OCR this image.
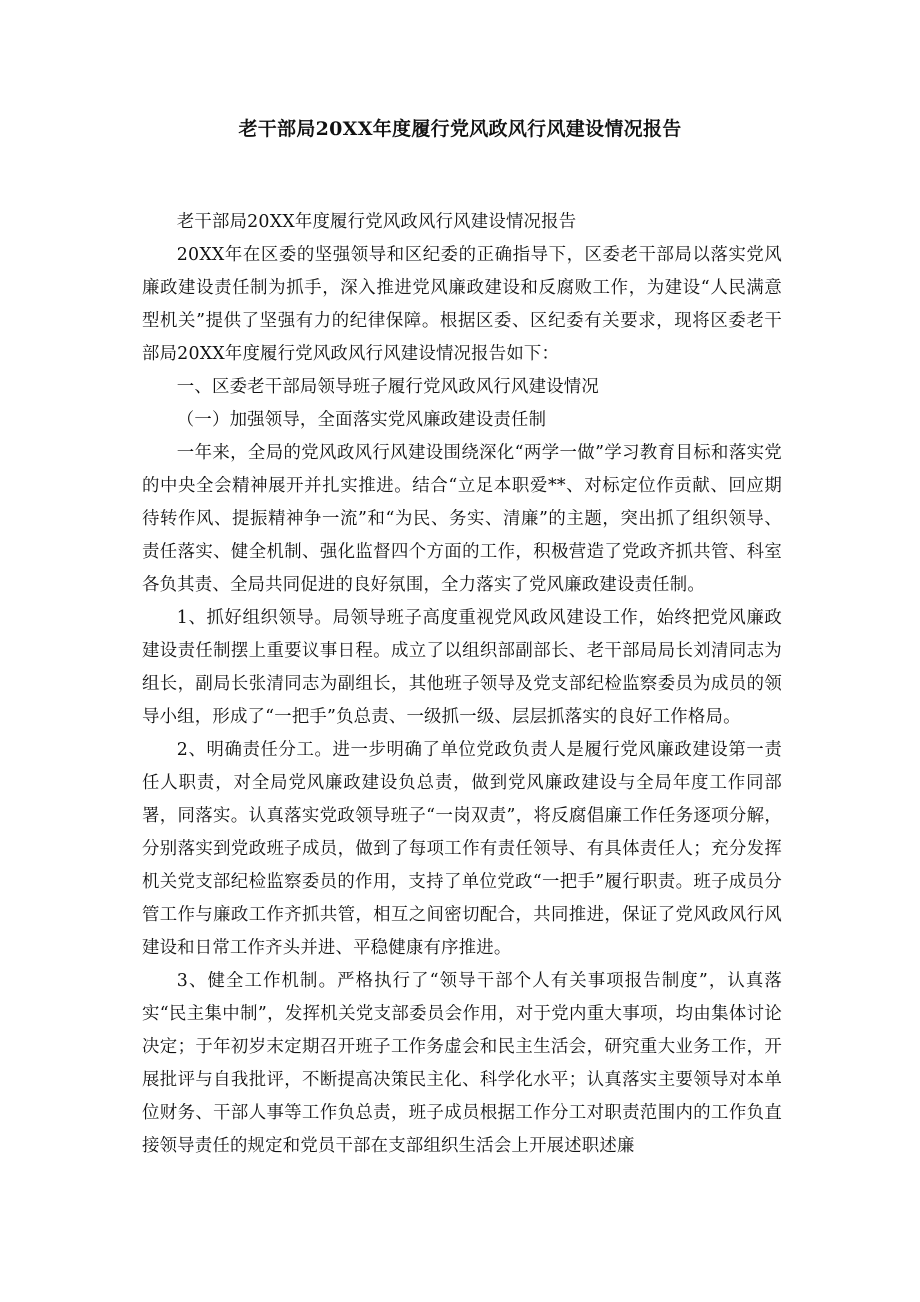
老干部局20XX年度履行党风政风行风建设情况报告

老干部局20XX年度履行党风政风行风建设情况报告

20XX年在区委的坚强领导和区纪委的正确指导下，区委老干部局以落实党风廉政建设责任制为抓手，深入推进党风廉政建设和反腐败工作，为建设“人民满意型机关”提供了坚强有力的纪律保障。根据区委、区纪委有关要求，现将区委老干部局20XX年度履行党风政风行风建设情况报告如下：

一、区委老干部局领导班子履行党风政风行风建设情况

（一）加强领导，全面落实党风廉政建设责任制

一年来，全局的党风政风行风建设围绕深化“两学一做”学习教育目标和落实党的中央全会精神展开并扎实推进。结合“立足本职爱**、对标定位作贡献、回应期待转作风、提振精神争一流”和“为民、务实、清廉”的主题，突出抓了组织领导、责任落实、健全机制、强化监督四个方面的工作，积极营造了党政齐抓共管、科室各负其责、全局共同促进的良好氛围，全力落实了党风廉政建设责任制。

1、抓好组织领导。局领导班子高度重视党风政风建设工作，始终把党风廉政建设责任制摆上重要议事日程。成立了以组织部副部长、老干部局局长刘清同志为组长，副局长张清同志为副组长，其他班子领导及党支部纪检监察委员为成员的领导小组，形成了“一把手”负总责、一级抓一级、层层抓落实的良好工作格局。

2、明确责任分工。进一步明确了单位党政负责人是履行党风廉政建设第一责任人职责，对全局党风廉政建设负总责，做到党风廉政建设与全局年度工作同部署，同落实。认真落实党政领导班子“一岗双责”，将反腐倡廉工作任务逐项分解，分别落实到党政班子成员，做到了每项工作有责任领导、有具体责任人；充分发挥机关党支部纪检监察委员的作用，支持了单位党政“一把手”履行职责。班子成员分管工作与廉政工作齐抓共管，相互之间密切配合，共同推进，保证了党风政风行风建设和日常工作齐头并进、平稳健康有序推进。

3、健全工作机制。严格执行了“领导干部个人有关事项报告制度”，认真落实“民主集中制”，发挥机关党支部委员会作用，对于党内重大事项，均由集体讨论决定；于年初岁末定期召开班子工作务虚会和民主生活会，研究重大业务工作，开展批评与自我批评，不断提高决策民主化、科学化水平；认真落实主要领导对本单位财务、干部人事等工作负总责，班子成员根据工作分工对职责范围内的工作负直接领导责任的规定和党员干部在支部组织生活会上开展述职述廉
